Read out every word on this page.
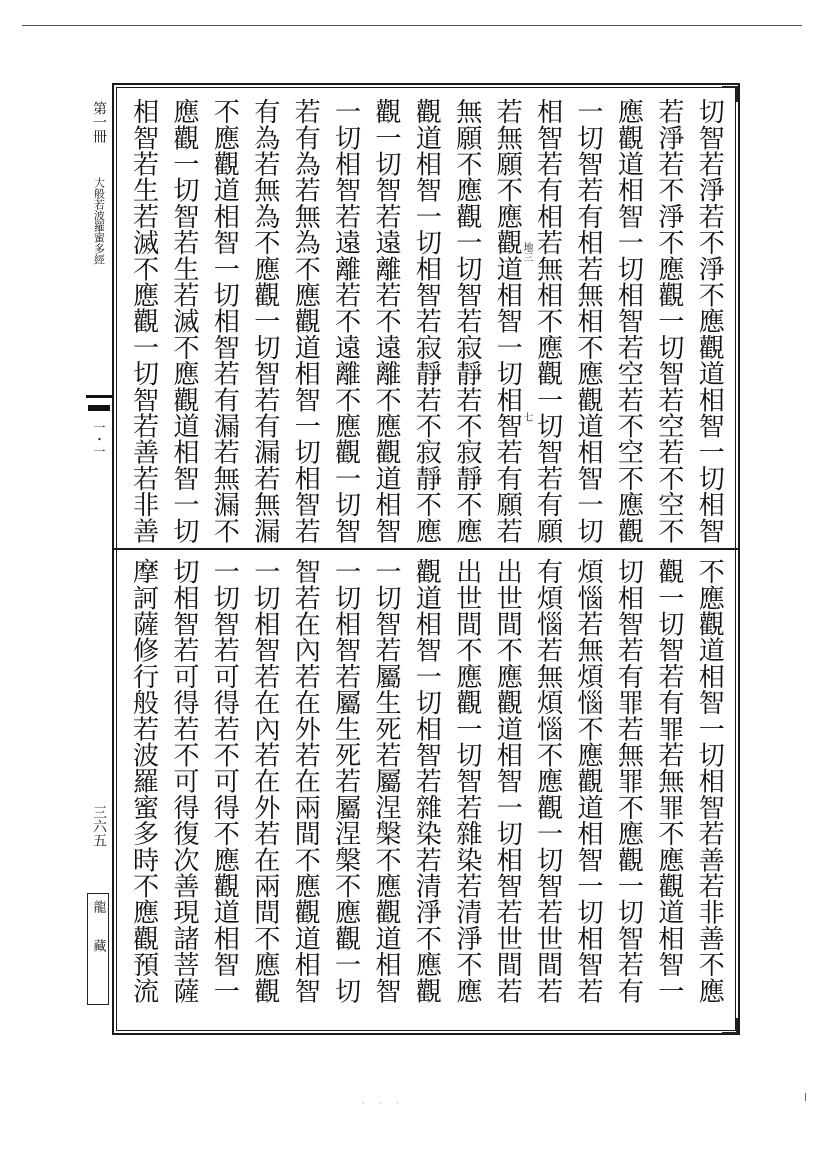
第一冊
大般若波羅蜜多經
一・一
三六五
龍藏
切智若淨若不淨不應觀道相智一切相智
若淨若不淨不應觀一切智若空若不空不
應觀道相智一切相智若空若不空不應觀
一切智若有相若無相不應觀道相智一切
相智若有相若無相不應觀一切智若有願
若無願不應觀道相智一切相智若有願若
無願不應觀一切智若寂靜若不寂靜不應
觀道相智一切相智若寂靜若不寂靜不應
觀一切智若遠離若不遠離不應觀道相智
一切相智若遠離若不遠離不應觀一切智
若有為若無為不應觀道相智一切相智若
有為若無為不應觀一切智若有漏若無漏
不應觀道相智一切相智若有漏若無漏不
應觀一切智若生若滅不應觀道相智一切
相智若生若滅不應觀一切智若善若非善
不應觀道相智一切相智若善若非善不應
觀一切智若有罪若無罪不應觀道相智一
切相智若有罪若無罪不應觀一切智若有
煩惱若無煩惱不應觀道相智一切相智若
有煩惱若無煩惱不應觀一切智若世間若
出世間不應觀道相智一切相智若世間若
出世間不應觀一切智若雜染若清淨不應
觀道相智一切相智若雜染若清淨不應觀
一切智若屬生死若屬涅槃不應觀道相智
一切相智若屬生死若屬涅槃不應觀一切
智若在內若在外若在兩間不應觀道相智
一切相智若在內若在外若在兩間不應觀
一切智若可得若不可得不應觀道相智一
切相智若可得若不可得復次善現諸菩薩
摩訶薩修行般若波羅蜜多時不應觀預流
地三
七
· · ·
